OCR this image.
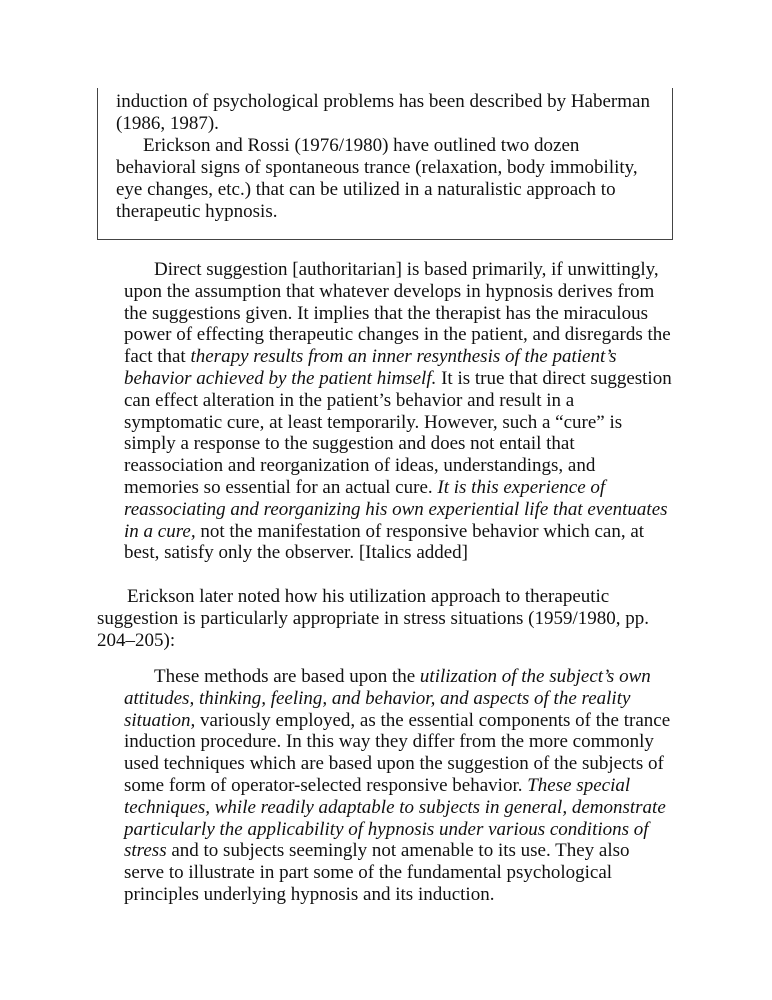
induction of psychological problems has been described by Haberman (1986, 1987).

Erickson and Rossi (1976/1980) have outlined two dozen behavioral signs of spontaneous trance (relaxation, body immobility, eye changes, etc.) that can be utilized in a naturalistic approach to therapeutic hypnosis.

Direct suggestion [authoritarian] is based primarily, if unwittingly, upon the assumption that whatever develops in hypnosis derives from the suggestions given. It implies that the therapist has the miraculous power of effecting therapeutic changes in the patient, and disregards the fact that therapy results from an inner resynthesis of the patient’s behavior achieved by the patient himself. It is true that direct suggestion can effect alteration in the patient’s behavior and result in a symptomatic cure, at least temporarily. However, such a “cure” is simply a response to the suggestion and does not entail that reassociation and reorganization of ideas, understandings, and memories so essential for an actual cure. It is this experience of reassociating and reorganizing his own experiential life that eventuates in a cure, not the manifestation of responsive behavior which can, at best, satisfy only the observer. [Italics added]

Erickson later noted how his utilization approach to therapeutic suggestion is particularly appropriate in stress situations (1959/1980, pp. 204–205):

These methods are based upon the utilization of the subject’s own attitudes, thinking, feeling, and behavior, and aspects of the reality situation, variously employed, as the essential components of the trance induction procedure. In this way they differ from the more commonly used techniques which are based upon the suggestion of the subjects of some form of operator-selected responsive behavior. These special techniques, while readily adaptable to subjects in general, demonstrate particularly the applicability of hypnosis under various conditions of stress and to subjects seemingly not amenable to its use. They also serve to illustrate in part some of the fundamental psychological principles underlying hypnosis and its induction.
